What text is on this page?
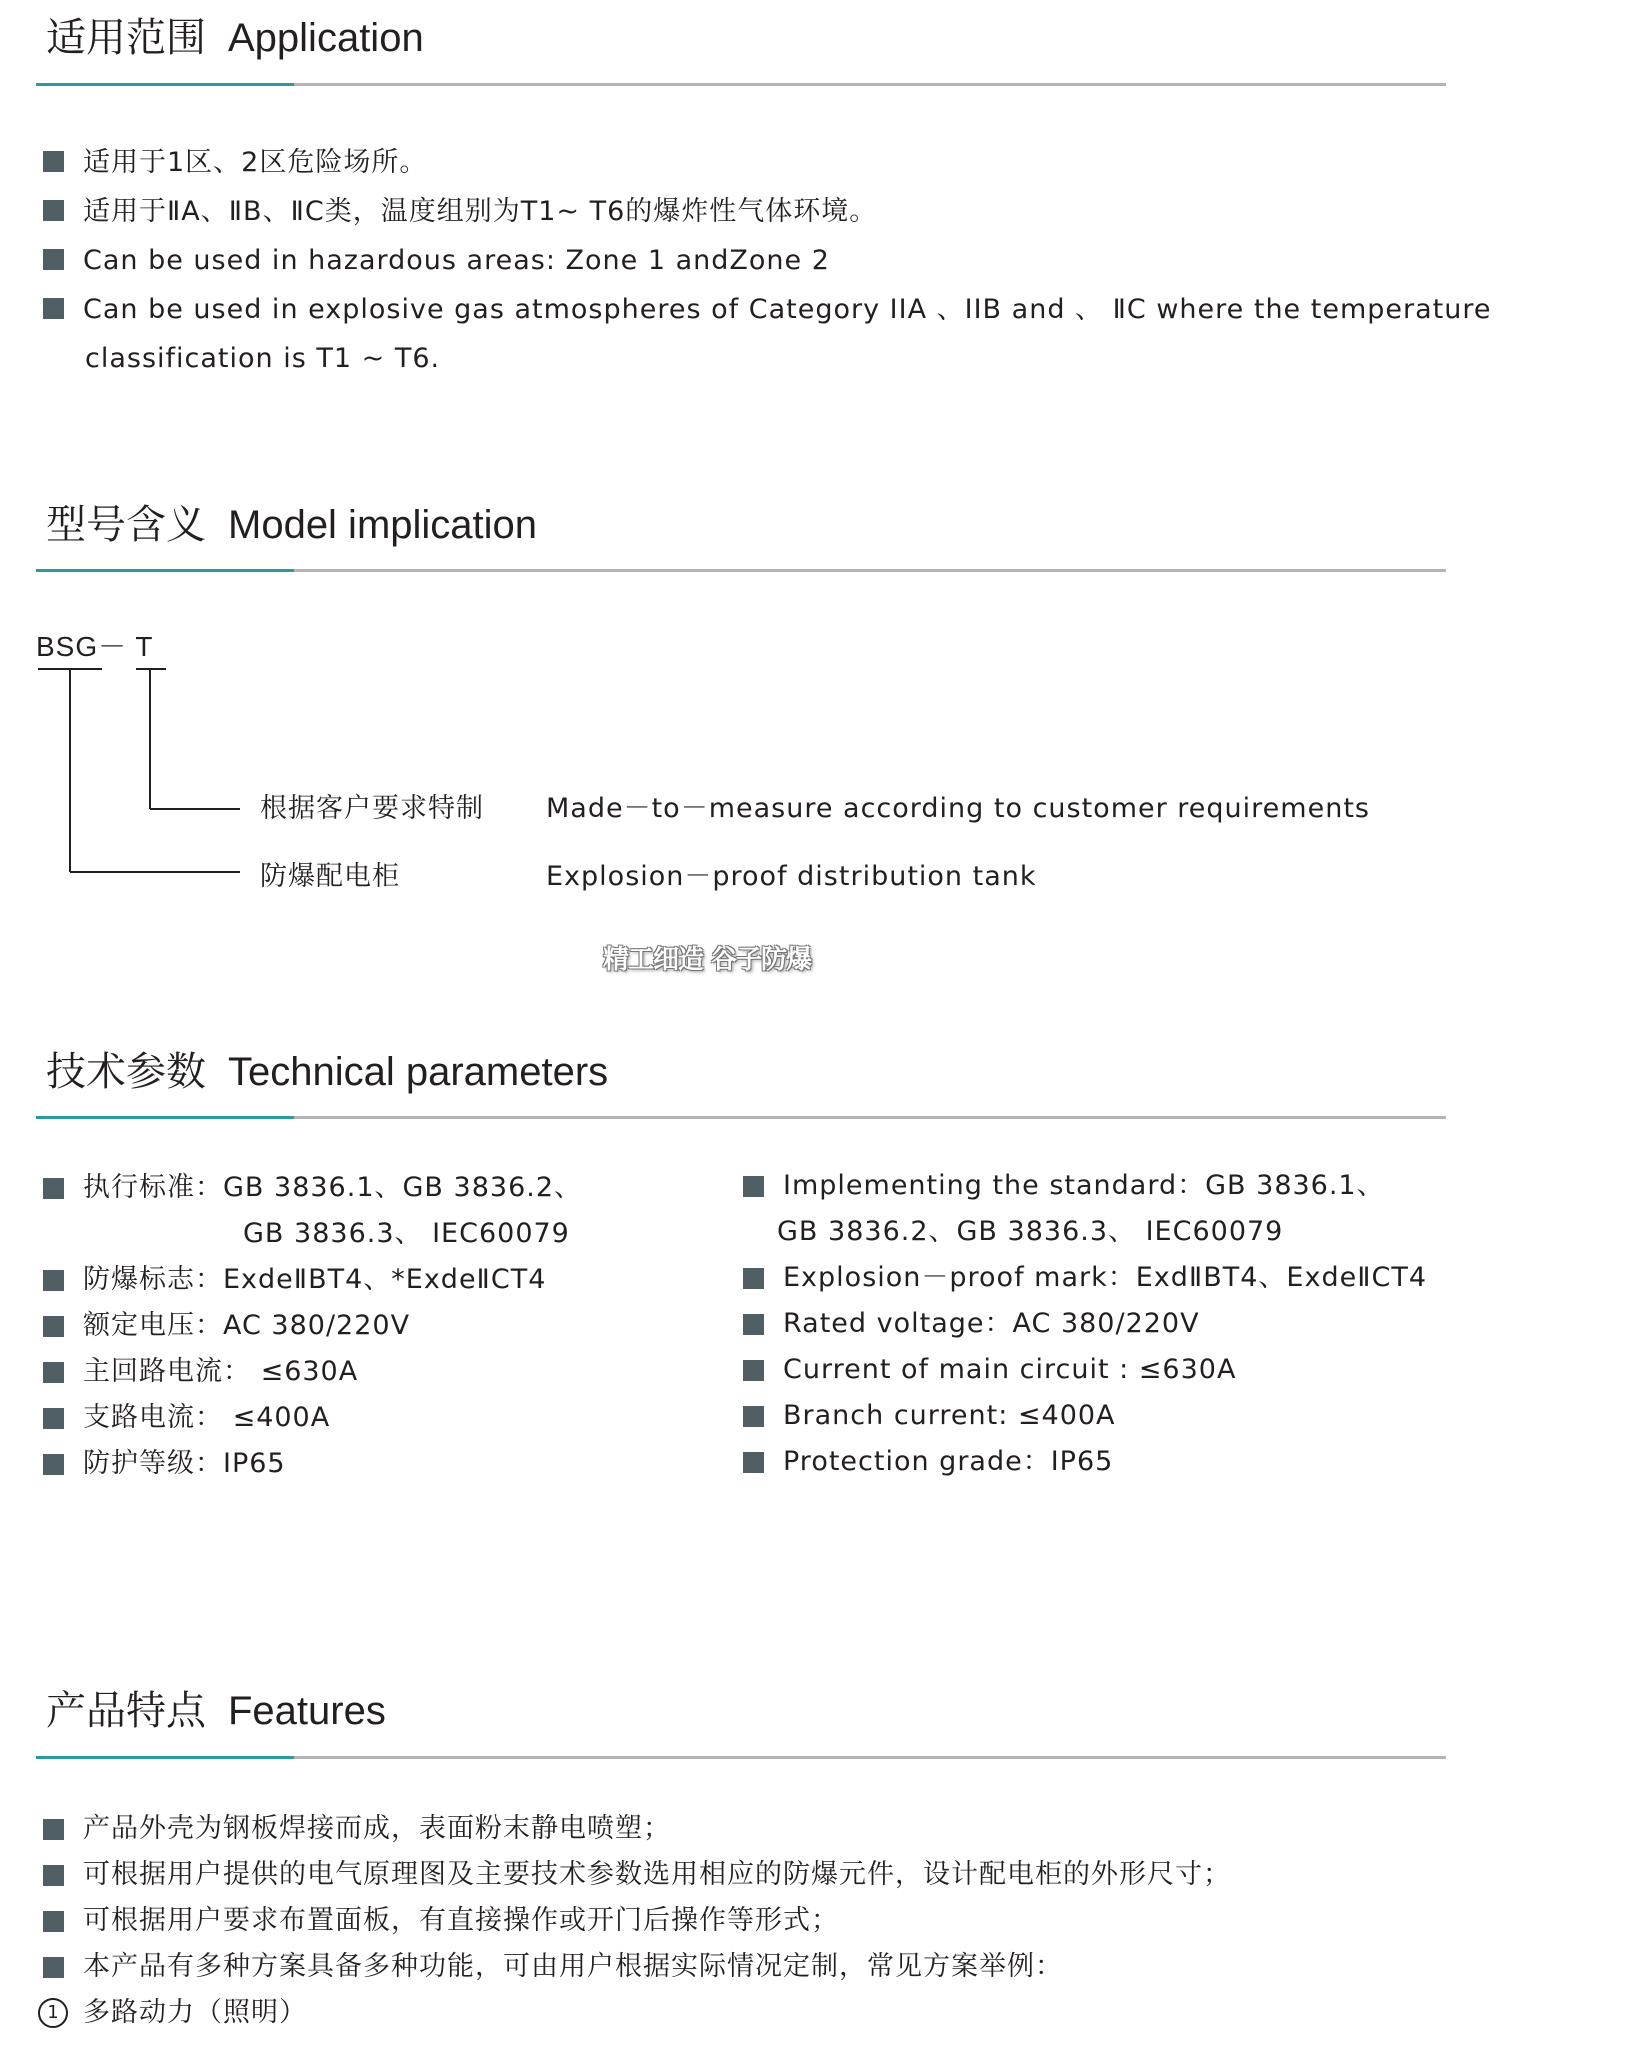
适用范围 Application
适用于1区、2区危险场所。
适用于ⅡA、ⅡB、ⅡC类，温度组别为T1~ T6的爆炸性气体环境。
Can be used in hazardous areas: Zone 1 andZone 2
Can be used in explosive gas atmospheres of Category IIA 、IIB and 、 ⅡC where the temperature
classification is T1 ~ T6.
型号含义 Model implication
BSG－ T
根据客户要求特制 Made－to－measure according to customer requirements
防爆配电柜	Explosion－proof distribution tank
精工细造 谷子防爆
技术参数 Technical parameters
执行标准：GB 3836.1、GB 3836.2、
GB 3836.3、 IEC60079
防爆标志：ExdeⅡBT4、*ExdeⅡCT4
额定电压：AC 380/220V
主回路电流： ≤630A
支路电流： ≤400A
防护等级：IP65
Implementing the standard：GB 3836.1、
GB 3836.2、GB 3836.3、 IEC60079
Explosion－proof mark：ExdⅡBT4、ExdeⅡCT4
Rated voltage：AC 380/220V
Current of main circuit : ≤630A
Branch current: ≤400A
Protection grade：IP65
产品特点 Features
产品外壳为钢板焊接而成，表面粉末静电喷塑；
可根据用户提供的电气原理图及主要技术参数选用相应的防爆元件，设计配电柜的外形尺寸；
可根据用户要求布置面板，有直接操作或开门后操作等形式；
本产品有多种方案具备多种功能，可由用户根据实际情况定制，常见方案举例：
1 多路动力（照明）
